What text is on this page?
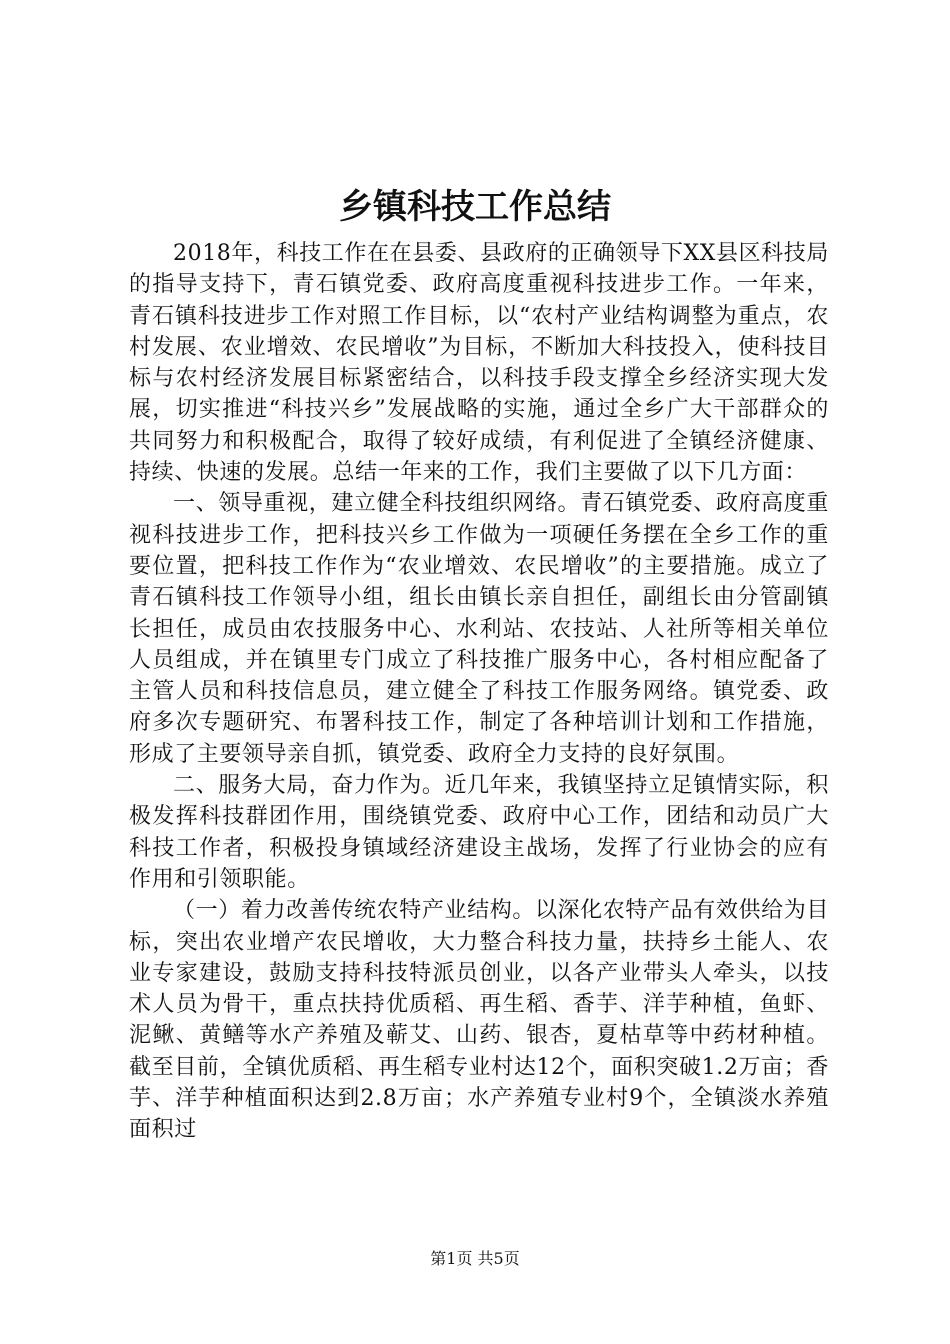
乡镇科技工作总结

2018年，科技工作在在县委、县政府的正确领导下XX县区科技局的指导支持下，青石镇党委、政府高度重视科技进步工作。一年来，青石镇科技进步工作对照工作目标，以“农村产业结构调整为重点，农村发展、农业增效、农民增收”为目标，不断加大科技投入，使科技目标与农村经济发展目标紧密结合，以科技手段支撑全乡经济实现大发展，切实推进“科技兴乡”发展战略的实施，通过全乡广大干部群众的共同努力和积极配合，取得了较好成绩，有利促进了全镇经济健康、持续、快速的发展。总结一年来的工作，我们主要做了以下几方面：

一、领导重视，建立健全科技组织网络。青石镇党委、政府高度重视科技进步工作，把科技兴乡工作做为一项硬任务摆在全乡工作的重要位置，把科技工作作为“农业增效、农民增收”的主要措施。成立了青石镇科技工作领导小组，组长由镇长亲自担任，副组长由分管副镇长担任，成员由农技服务中心、水利站、农技站、人社所等相关单位人员组成，并在镇里专门成立了科技推广服务中心，各村相应配备了主管人员和科技信息员，建立健全了科技工作服务网络。镇党委、政府多次专题研究、布署科技工作，制定了各种培训计划和工作措施，形成了主要领导亲自抓，镇党委、政府全力支持的良好氛围。

二、服务大局，奋力作为。近几年来，我镇坚持立足镇情实际，积极发挥科技群团作用，围绕镇党委、政府中心工作，团结和动员广大科技工作者，积极投身镇域经济建设主战场，发挥了行业协会的应有作用和引领职能。

（一）着力改善传统农特产业结构。以深化农特产品有效供给为目标，突出农业增产农民增收，大力整合科技力量，扶持乡土能人、农业专家建设，鼓励支持科技特派员创业，以各产业带头人牵头，以技术人员为骨干，重点扶持优质稻、再生稻、香芋、洋芋种植，鱼虾、泥鳅、黄鳝等水产养殖及蕲艾、山药、银杏，夏枯草等中药材种植。截至目前，全镇优质稻、再生稻专业村达12个，面积突破1.2万亩；香芋、洋芋种植面积达到2.8万亩；水产养殖专业村9个，全镇淡水养殖面积过

第1页 共5页
